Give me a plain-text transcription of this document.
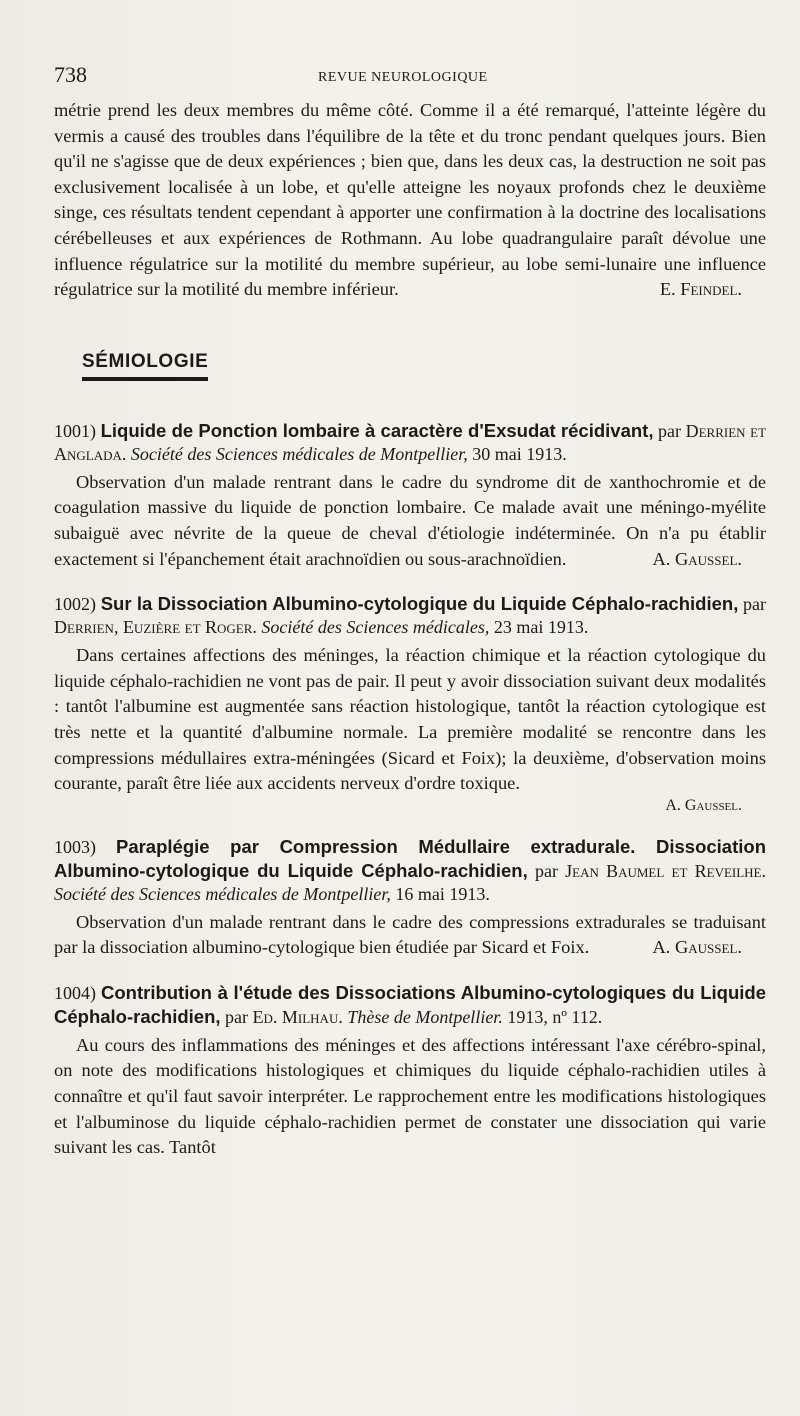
738	REVUE NEUROLOGIQUE

métrie prend les deux membres du même côté. Comme il a été remarqué, l'atteinte légère du vermis a causé des troubles dans l'équilibre de la tête et du tronc pendant quelques jours. Bien qu'il ne s'agisse que de deux expériences ; bien que, dans les deux cas, la destruction ne soit pas exclusivement localisée à un lobe, et qu'elle atteigne les noyaux profonds chez le deuxième singe, ces résultats tendent cependant à apporter une confirmation à la doctrine des localisations cérébelleuses et aux expériences de Rothmann. Au lobe quadrangulaire paraît dévolue une influence régulatrice sur la motilité du membre supérieur, au lobe semi-lunaire une influence régulatrice sur la motilité du membre inférieur.	E. Feindel.

SÉMIOLOGIE
1001) Liquide de Ponction lombaire à caractère d'Exsudat récidivant, par Derrien et Anglada. Société des Sciences médicales de Montpellier, 30 mai 1913.

Observation d'un malade rentrant dans le cadre du syndrome dit de xanthochromie et de coagulation massive du liquide de ponction lombaire. Ce malade avait une méningo-myélite subaiguë avec névrite de la queue de cheval d'étiologie indéterminée. On n'a pu établir exactement si l'épanchement était arachnoïdien ou sous-arachnoïdien.	A. Gaussel.

1002) Sur la Dissociation Albumino-cytologique du Liquide Céphalo-rachidien, par Derrien, Euzière et Roger. Société des Sciences médicales, 23 mai 1913.

Dans certaines affections des méninges, la réaction chimique et la réaction cytologique du liquide céphalo-rachidien ne vont pas de pair. Il peut y avoir dissociation suivant deux modalités : tantôt l'albumine est augmentée sans réaction histologique, tantôt la réaction cytologique est très nette et la quantité d'albumine normale. La première modalité se rencontre dans les compressions médullaires extra-méningées (Sicard et Foix); la deuxième, d'observation moins courante, paraît être liée aux accidents nerveux d'ordre toxique.

A. Gaussel.
1003) Paraplégie par Compression Médullaire extradurale. Dissociation Albumino-cytologique du Liquide Céphalo-rachidien, par Jean Baumel et Reveilhe. Société des Sciences médicales de Montpellier, 16 mai 1913.

Observation d'un malade rentrant dans le cadre des compressions extradurales se traduisant par la dissociation albumino-cytologique bien étudiée par Sicard et Foix.	A. Gaussel.

1004) Contribution à l'étude des Dissociations Albumino-cytologiques du Liquide Céphalo-rachidien, par Ed. Milhau. Thèse de Montpellier. 1913, nº 112.

Au cours des inflammations des méninges et des affections intéressant l'axe cérébro-spinal, on note des modifications histologiques et chimiques du liquide céphalo-rachidien utiles à connaître et qu'il faut savoir interpréter. Le rapprochement entre les modifications histologiques et l'albuminose du liquide céphalo-rachidien permet de constater une dissociation qui varie suivant les cas. Tantôt
